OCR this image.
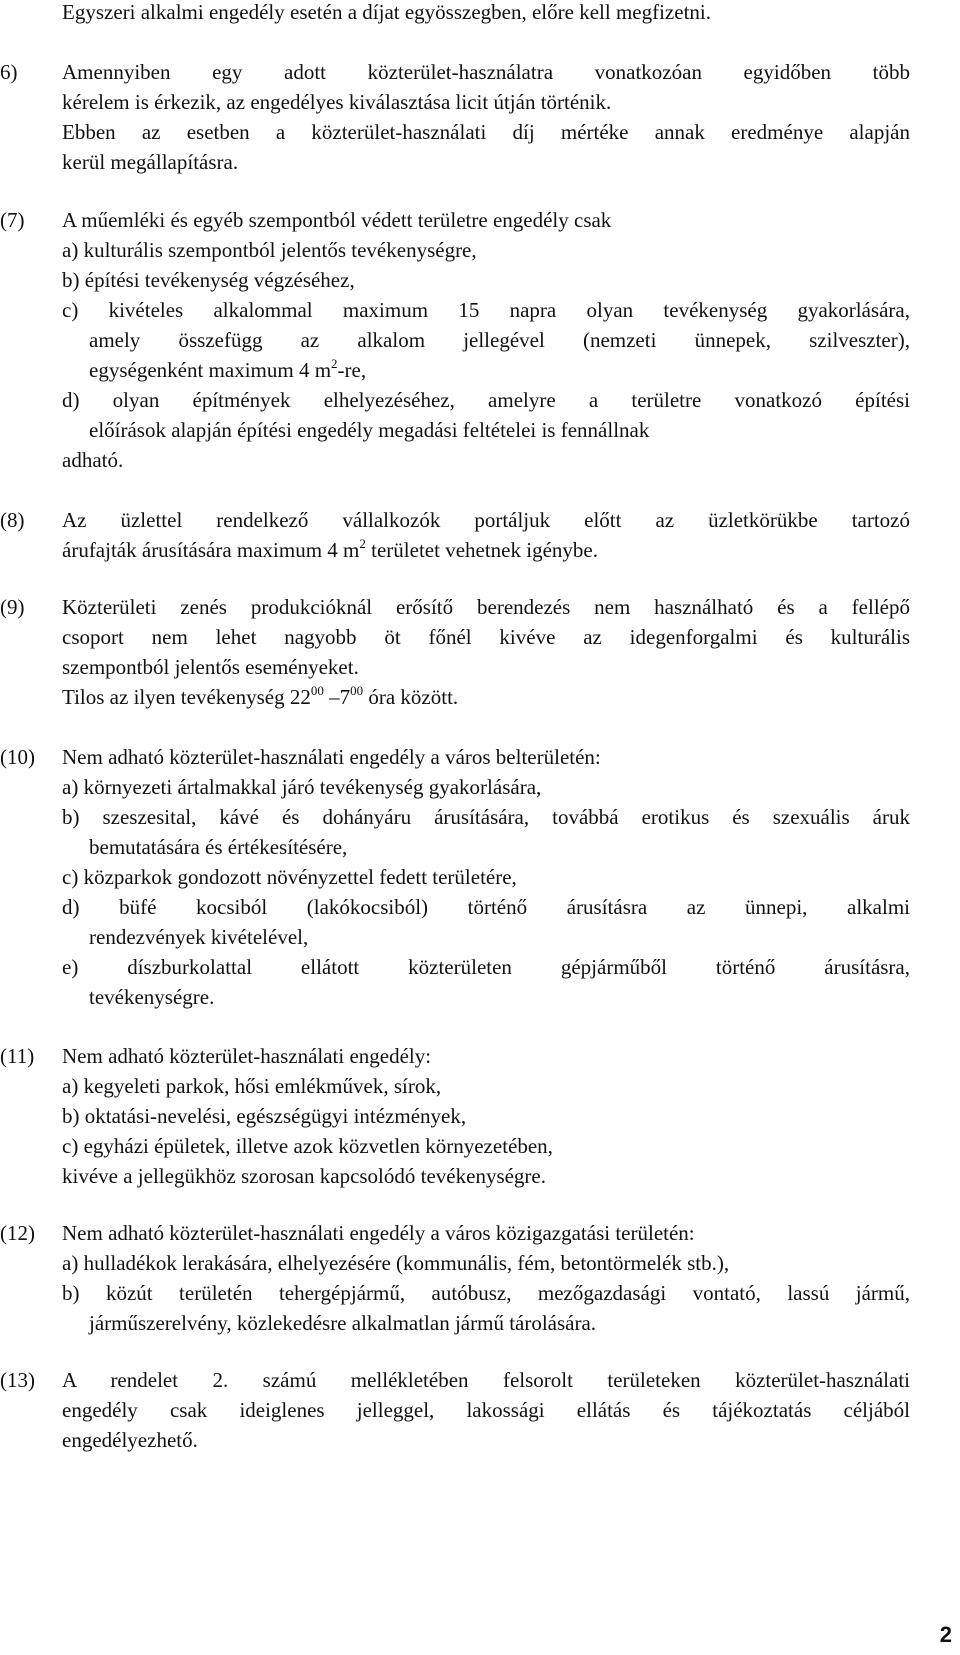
Egyszeri alkalmi engedély esetén a díjat egyösszegben, előre kell megfizetni.
6) Amennyiben egy adott közterület-használatra vonatkozóan egyidőben több
kérelem is érkezik, az engedélyes kiválasztása licit útján történik.
Ebben az esetben a közterület-használati díj mértéke annak eredménye alapján
kerül megállapításra.
(7) A műemléki és egyéb szempontból védett területre engedély csak
a) kulturális szempontból jelentős tevékenységre,
b) építési tevékenység végzéséhez,
c) kivételes alkalommal maximum 15 napra olyan tevékenység gyakorlására,
amely összefügg az alkalom jellegével (nemzeti ünnepek, szilveszter),
egységenként maximum 4 $m^2-re$,
d) olyan építmények elhelyezéséhez, amelyre a területre vonatkozó építési
előírások alapján építési engedély megadási feltételei is fennállnak
adható.
(8) Az üzlettel rendelkező vállalkozók portáljuk előtt az üzletkörükbe tartozó
árufajták árusítására maximum 4 $m^2$ területet vehetnek igénybe.
(9) Közterületi zenés produkcióknál erősítő berendezés nem használható és a fellépő
csoport nem lehet nagyobb öt főnél kivéve az idegenforgalmi és kulturális
szempontból jelentős eseményeket.
Tilos az ilyen tevékenység $22^{00}$ $-7^{00}$ óra között.
(10) Nem adható közterület-használati engedély a város belterületén:
a) környezeti ártalmakkal járó tevékenység gyakorlására,
b) szeszesital, kávé és dohányáru árusítására, továbbá erotikus és szexuális áruk
bemutatására és értékesítésére,
c) közparkok gondozott növényzettel fedett területére,
d) büfé kocsiból (lakókocsiból) történő árusításra az ünnepi, alkalmi
rendezvények kivételével,
e) díszburkolattal ellátott közterületen gépjárműből történő árusításra,
tevékenységre.
(11) Nem adható közterület-használati engedély:
a) kegyeleti parkok, hősi emlékművek, sírok,
b) oktatási-nevelési, egészségügyi intézmények,
c) egyházi épületek, illetve azok közvetlen környezetében,
kivéve a jellegükhöz szorosan kapcsolódó tevékenységre.
(12) Nem adható közterület-használati engedély a város közigazgatási területén:
a) hulladékok lerakására, elhelyezésére (kommunális, fém, betontörmelék stb.),
b) közút területén tehergépjármű, autóbusz, mezőgazdasági vontató, lassú jármű,
járműszerelvény, közlekedésre alkalmatlan jármű tárolására.
(13) A rendelet 2. számú mellékletében felsorolt területeken közterület-használati
engedély csak ideiglenes jelleggel, lakossági ellátás és tájékoztatás céljából
engedélyezhető.
2
